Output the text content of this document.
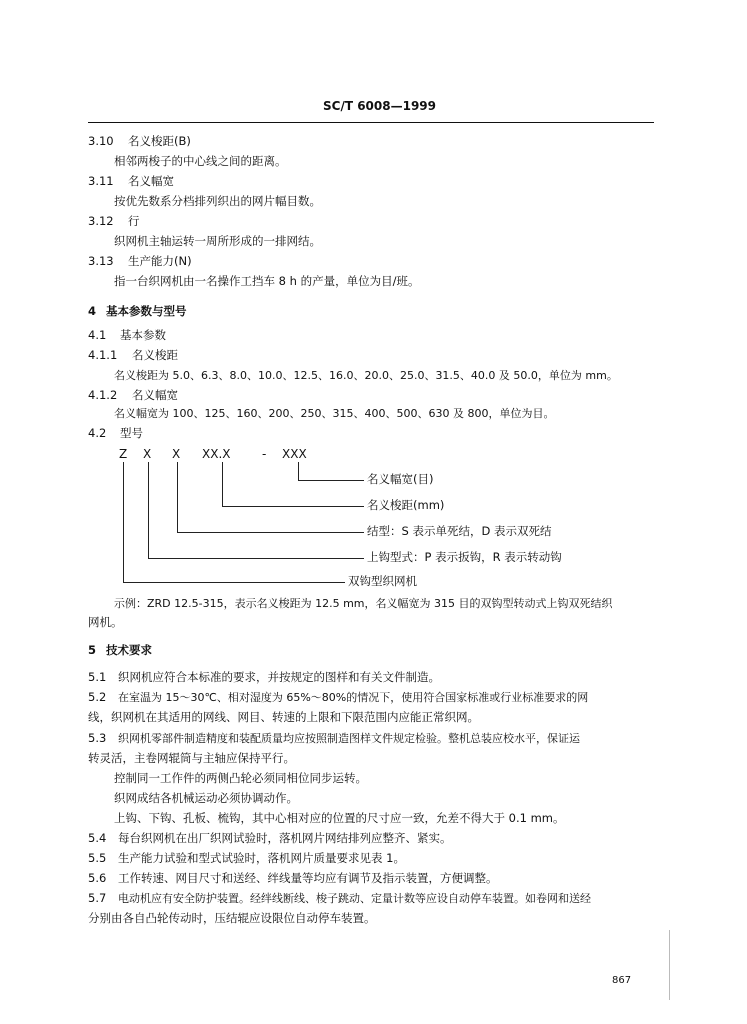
SC/T 6008—1999
3.10 名义梭距(B)
相邻两梭子的中心线之间的距离。
3.11 名义幅宽
按优先数系分档排列织出的网片幅目数。
3.12 行
织网机主轴运转一周所形成的一排网结。
3.13 生产能力(N)
指一台织网机由一名操作工挡车 8 h 的产量，单位为目/班。
4 基本参数与型号
4.1 基本参数
4.1.1 名义梭距
名义梭距为 5.0、6.3、8.0、10.0、12.5、16.0、20.0、25.0、31.5、40.0 及 50.0，单位为 mm。
4.1.2 名义幅宽
名义幅宽为 100、125、160、200、250、315、400、500、630 及 800，单位为目。
4.2 型号
Z X X XX.X	- XXX
名义幅宽(目)
名义梭距(mm)
结型：S 表示单死结，D 表示双死结
上钩型式：P 表示扳钩，R 表示转动钩
双钩型织网机
示例：ZRD 12.5-315，表示名义梭距为 12.5 mm，名义幅宽为 315 目的双钩型转动式上钩双死结织
网机。
5 技术要求
5.1 织网机应符合本标准的要求，并按规定的图样和有关文件制造。
5.2 在室温为 15～30℃、相对湿度为 65%～80%的情况下，使用符合国家标准或行业标准要求的网
线，织网机在其适用的网线、网目、转速的上限和下限范围内应能正常织网。
5.3 织网机零部件制造精度和装配质量均应按照制造图样文件规定检验。整机总装应校水平，保证运
转灵活，主卷网辊筒与主轴应保持平行。
控制同一工作件的两侧凸轮必须同相位同步运转。
织网成结各机械运动必须协调动作。
上钩、下钩、孔板、梳钩，其中心相对应的位置的尺寸应一致，允差不得大于 0.1 mm。
5.4 每台织网机在出厂织网试验时，落机网片网结排列应整齐、紧实。
5.5 生产能力试验和型式试验时，落机网片质量要求见表 1。
5.6 工作转速、网目尺寸和送经、绊线量等均应有调节及指示装置，方便调整。
5.7 电动机应有安全防护装置。经绊线断线、梭子跳动、定量计数等应设自动停车装置。如卷网和送经
分别由各自凸轮传动时，压结辊应设限位自动停车装置。
867
